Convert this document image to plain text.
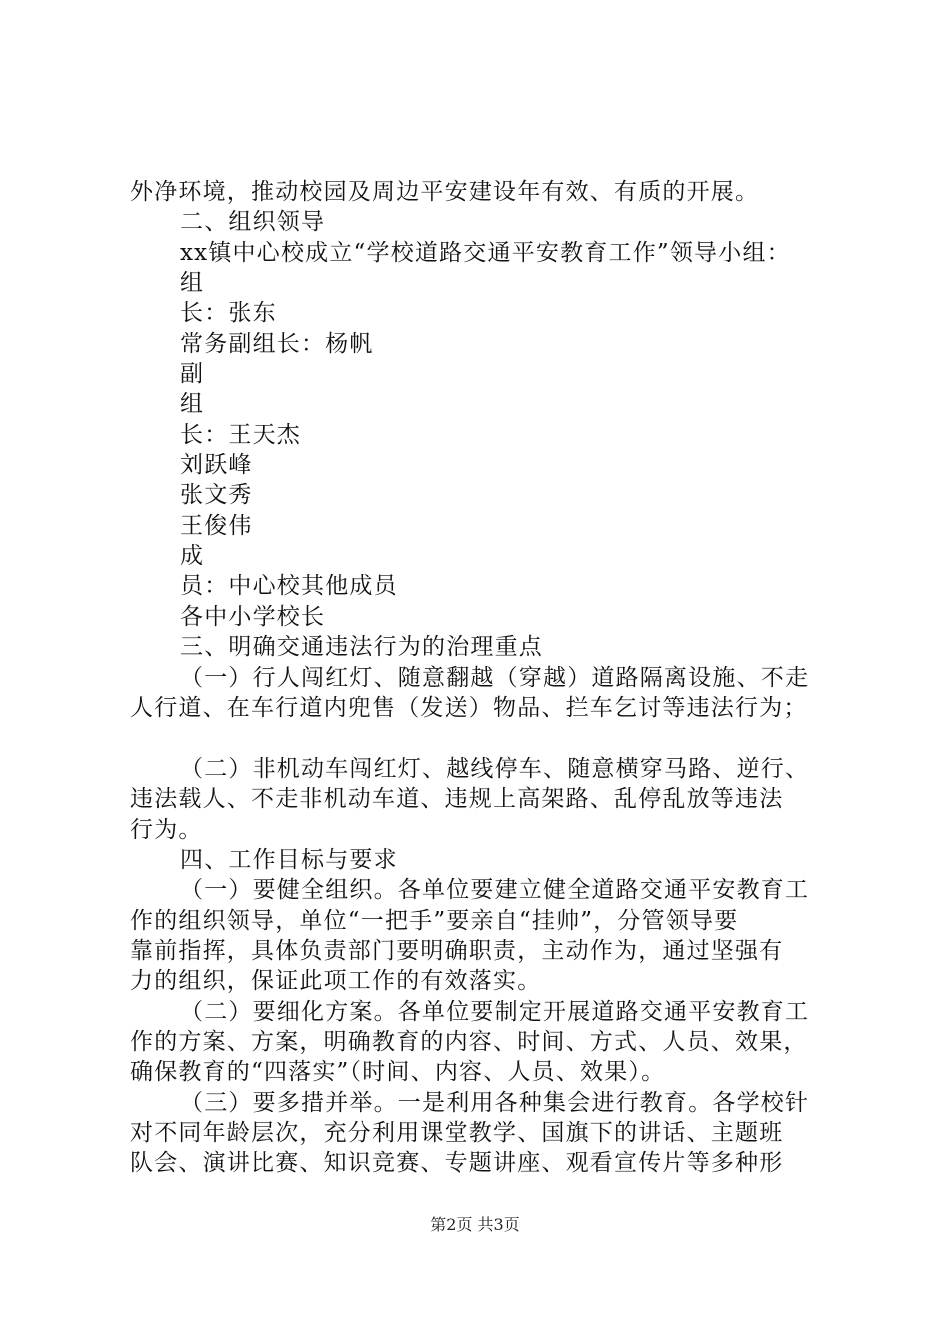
外净环境，推动校园及周边平安建设年有效、有质的开展。
二、组织领导
xx镇中心校成立“学校道路交通平安教育工作”领导小组：
组
长：张东
常务副组长：杨帆
副
组
长：王天杰
刘跃峰
张文秀
王俊伟
成
员：中心校其他成员
各中小学校长
三、明确交通违法行为的治理重点
（一）行人闯红灯、随意翻越（穿越）道路隔离设施、不走
人行道、在车行道内兜售（发送）物品、拦车乞讨等违法行为；
（二）非机动车闯红灯、越线停车、随意横穿马路、逆行、
违法载人、不走非机动车道、违规上高架路、乱停乱放等违法
行为。
四、工作目标与要求
（一）要健全组织。各单位要建立健全道路交通平安教育工
作的组织领导，单位“一把手”要亲自“挂帅”，分管领导要
靠前指挥，具体负责部门要明确职责，主动作为，通过坚强有
力的组织，保证此项工作的有效落实。
（二）要细化方案。各单位要制定开展道路交通平安教育工
作的方案、方案，明确教育的内容、时间、方式、人员、效果，
确保教育的“四落实”（时间、内容、人员、效果）。
（三）要多措并举。一是利用各种集会进行教育。各学校针
对不同年龄层次，充分利用课堂教学、国旗下的讲话、主题班
队会、演讲比赛、知识竞赛、专题讲座、观看宣传片等多种形
第2页 共3页
